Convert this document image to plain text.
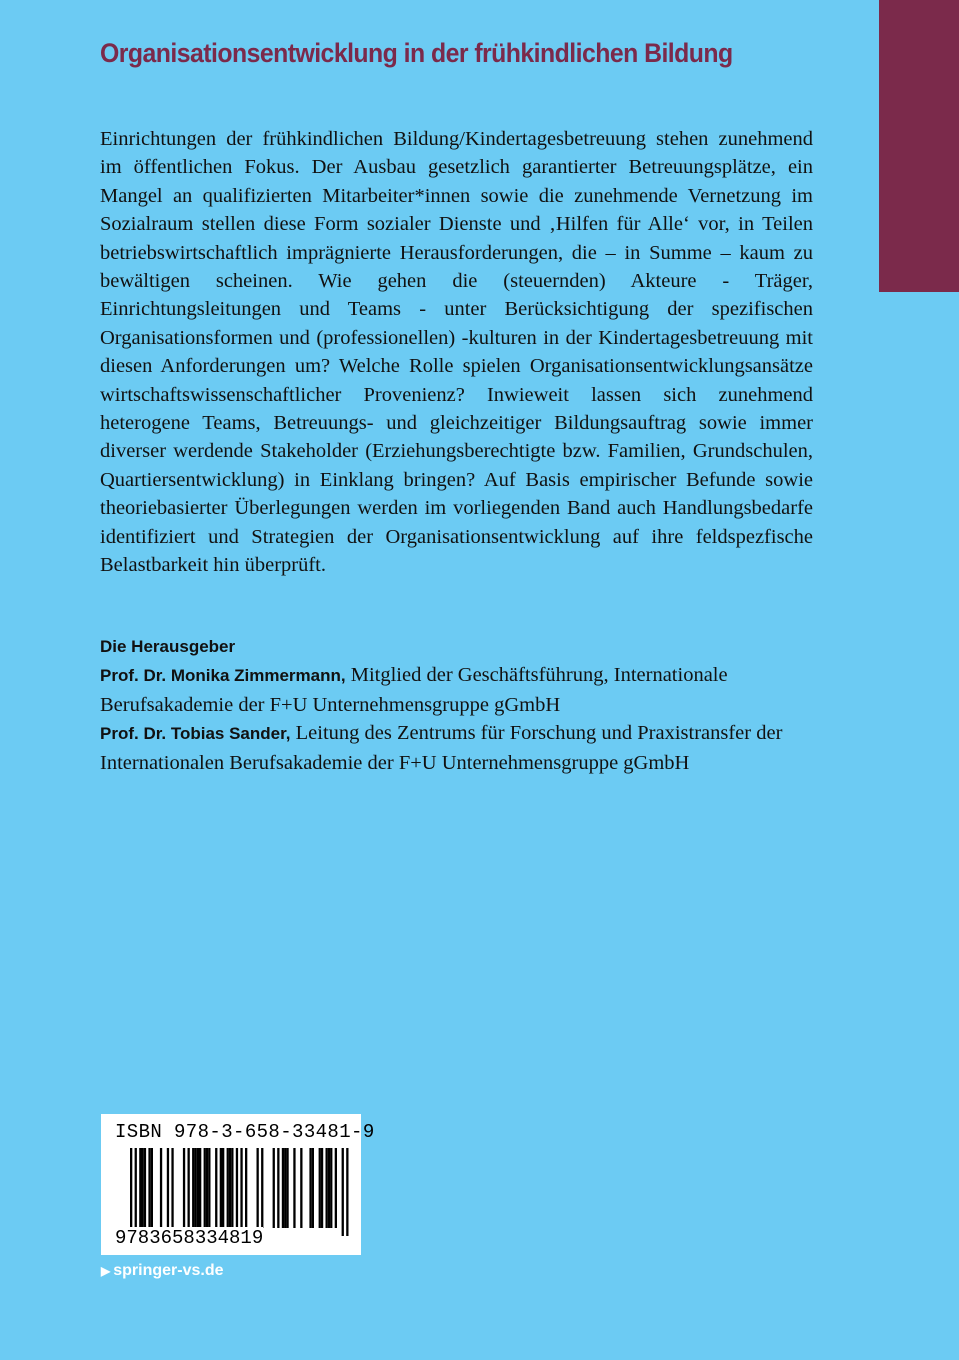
Organisationsentwicklung in der frühkindlichen Bildung

Einrichtungen der frühkindlichen Bildung/Kindertagesbetreuung stehen zunehmend im öffentlichen Fokus. Der Ausbau gesetzlich garantierter Betreuungsplätze, ein Mangel an qualifizierten Mitarbeiter*innen sowie die zunehmende Vernetzung im Sozialraum stellen diese Form sozialer Dienste und ‚Hilfen für Alle‘ vor, in Teilen betriebswirtschaftlich imprägnierte Herausforderungen, die – in Summe – kaum zu bewältigen scheinen. Wie gehen die (steuernden) Akteure - Träger, Einrichtungsleitungen und Teams - unter Berücksichtigung der spezifischen Organisationsformen und (professionellen) -kulturen in der Kindertagesbetreuung mit diesen Anforderungen um? Welche Rolle spielen Organisationsentwicklungsansätze wirtschaftswissenschaftlicher Provenienz? Inwieweit lassen sich zunehmend heterogene Teams, Betreuungs- und gleichzeitiger Bildungsauftrag sowie immer diverser werdende Stakeholder (Erziehungsberechtigte bzw. Familien, Grundschulen, Quartiersentwicklung) in Einklang bringen? Auf Basis empirischer Befunde sowie theoriebasierter Überlegungen werden im vorliegenden Band auch Handlungsbedarfe identifiziert und Strategien der Organisationsentwicklung auf ihre feldspezfische Belastbarkeit hin überprüft.

Die Herausgeber
Prof. Dr. Monika Zimmermann, Mitglied der Geschäftsführung, Internationale Berufsakademie der F+U Unternehmensgruppe gGmbH
Prof. Dr. Tobias Sander, Leitung des Zentrums für Forschung und Praxistransfer der Internationalen Berufsakademie der F+U Unternehmensgruppe gGmbH
ISBN 978-3-658-33481-9
9783658334819
▶ springer-vs.de
